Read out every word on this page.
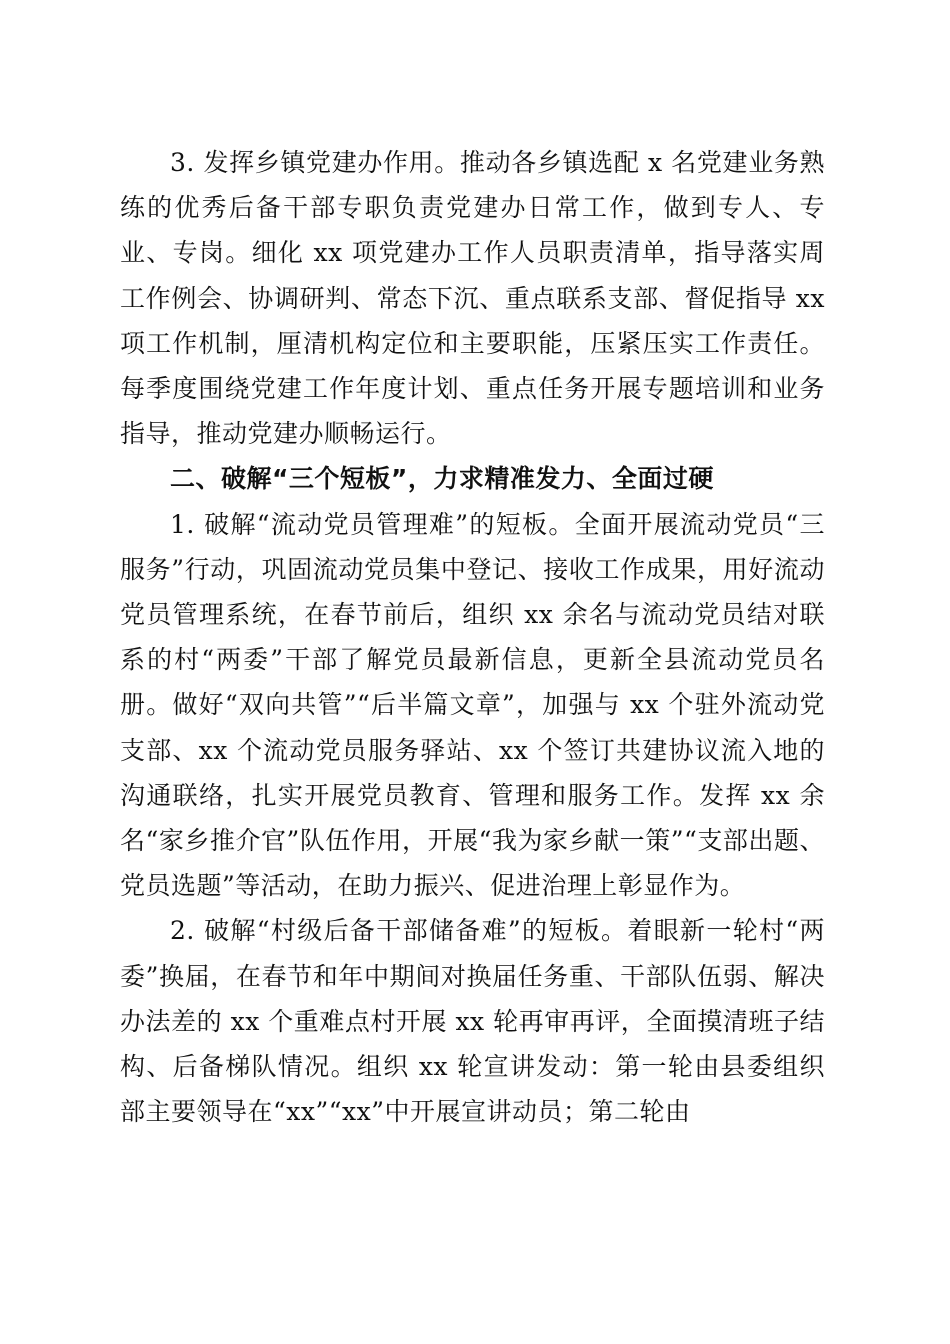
3. 发挥乡镇党建办作用。推动各乡镇选配 x 名党建业务熟练的优秀后备干部专职负责党建办日常工作，做到专人、专业、专岗。细化 xx 项党建办工作人员职责清单，指导落实周工作例会、协调研判、常态下沉、重点联系支部、督促指导 xx 项工作机制，厘清机构定位和主要职能，压紧压实工作责任。每季度围绕党建工作年度计划、重点任务开展专题培训和业务指导，推动党建办顺畅运行。

二、破解“三个短板”，力求精准发力、全面过硬

1. 破解“流动党员管理难”的短板。全面开展流动党员“三服务”行动，巩固流动党员集中登记、接收工作成果，用好流动党员管理系统，在春节前后，组织 xx 余名与流动党员结对联系的村“两委”干部了解党员最新信息，更新全县流动党员名册。做好“双向共管”“后半篇文章”，加强与 xx 个驻外流动党支部、xx 个流动党员服务驿站、xx 个签订共建协议流入地的沟通联络，扎实开展党员教育、管理和服务工作。发挥 xx 余名“家乡推介官”队伍作用，开展“我为家乡献一策”“支部出题、党员选题”等活动，在助力振兴、促进治理上彰显作为。

2. 破解“村级后备干部储备难”的短板。着眼新一轮村“两委”换届，在春节和年中期间对换届任务重、干部队伍弱、解决办法差的 xx 个重难点村开展 xx 轮再审再评，全面摸清班子结构、后备梯队情况。组织 xx 轮宣讲发动：第一轮由县委组织部主要领导在“xx”“xx”中开展宣讲动员；第二轮由
